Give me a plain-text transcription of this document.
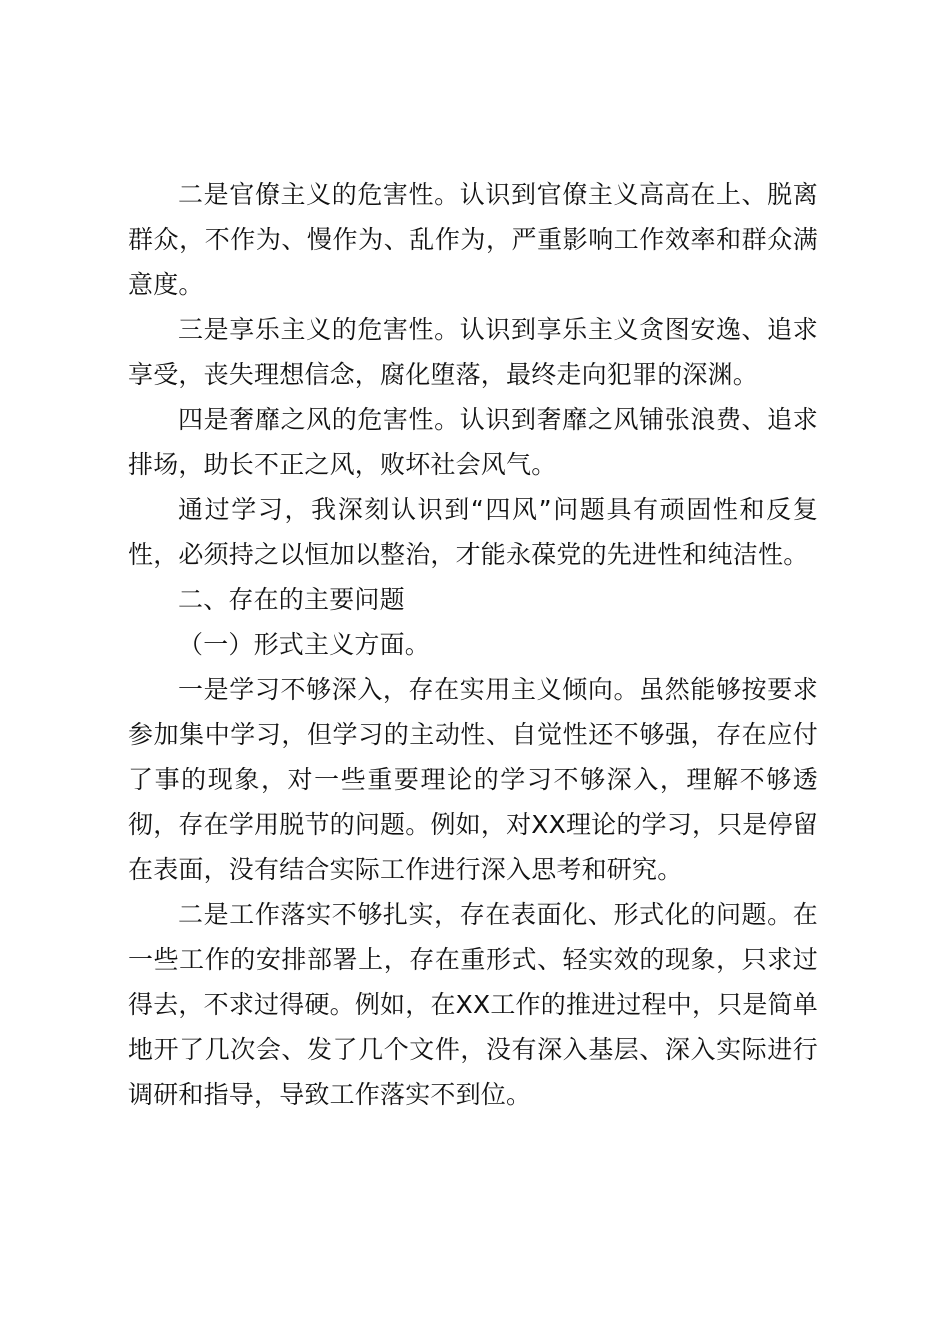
二是官僚主义的危害性。认识到官僚主义高高在上、脱离群众，不作为、慢作为、乱作为，严重影响工作效率和群众满意度。

三是享乐主义的危害性。认识到享乐主义贪图安逸、追求享受，丧失理想信念，腐化堕落，最终走向犯罪的深渊。

四是奢靡之风的危害性。认识到奢靡之风铺张浪费、追求排场，助长不正之风，败坏社会风气。

通过学习，我深刻认识到“四风”问题具有顽固性和反复性，必须持之以恒加以整治，才能永葆党的先进性和纯洁性。

二、存在的主要问题

（一）形式主义方面。

一是学习不够深入，存在实用主义倾向。虽然能够按要求参加集中学习，但学习的主动性、自觉性还不够强，存在应付了事的现象，对一些重要理论的学习不够深入，理解不够透彻，存在学用脱节的问题。例如，对XX理论的学习，只是停留在表面，没有结合实际工作进行深入思考和研究。

二是工作落实不够扎实，存在表面化、形式化的问题。在一些工作的安排部署上，存在重形式、轻实效的现象，只求过得去，不求过得硬。例如，在XX工作的推进过程中，只是简单地开了几次会、发了几个文件，没有深入基层、深入实际进行调研和指导，导致工作落实不到位。
